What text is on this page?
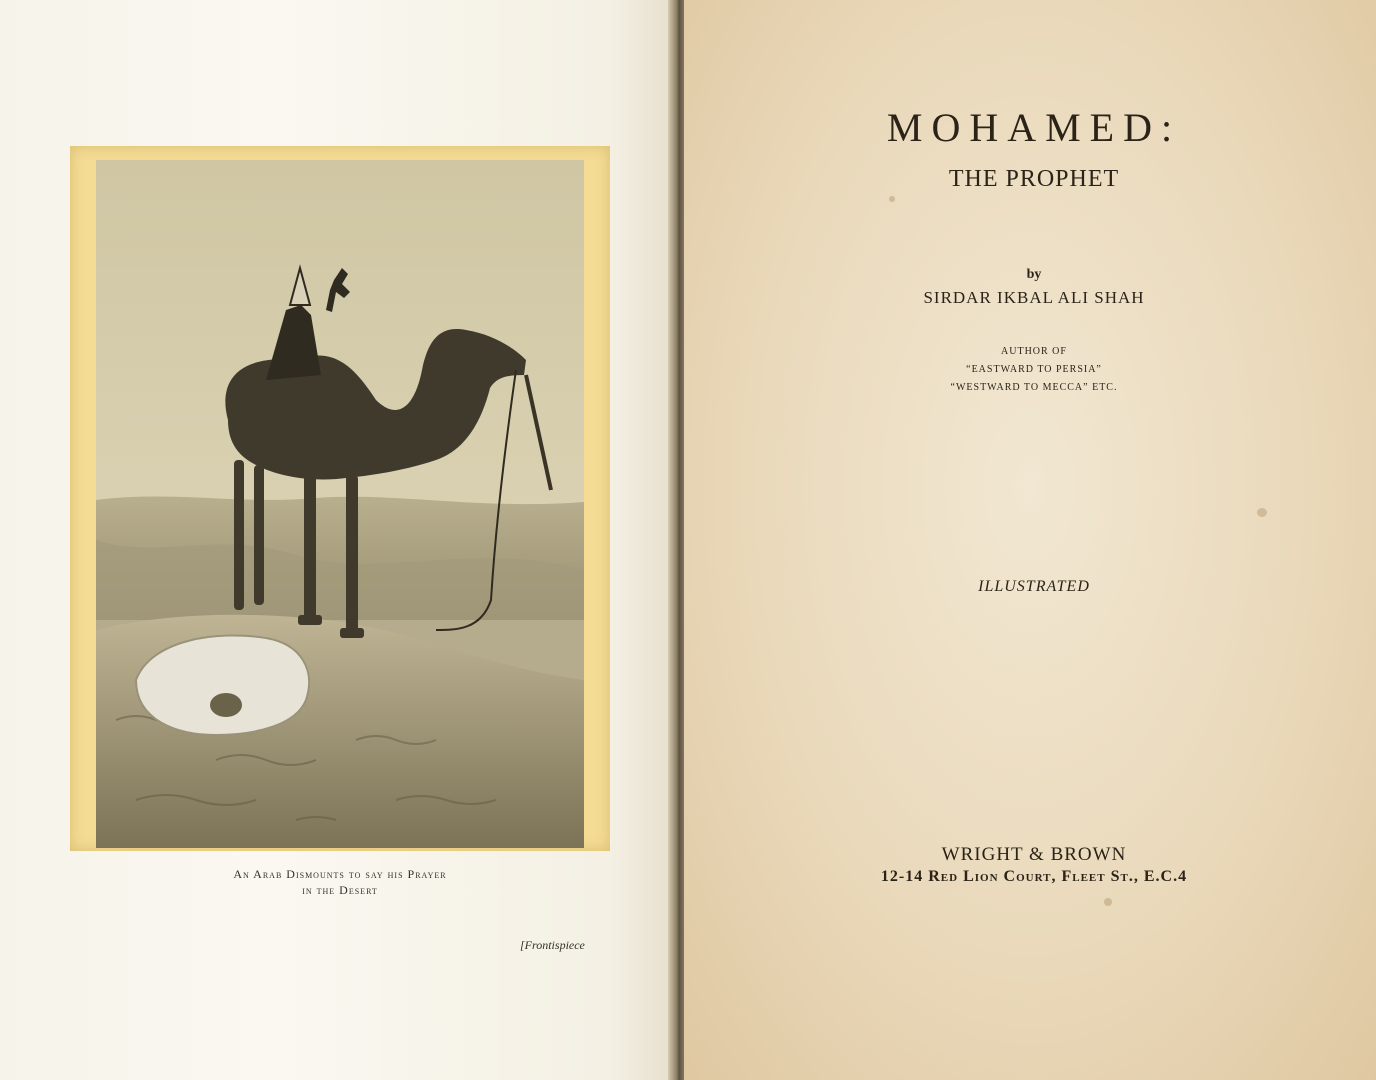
An Arab Dismounts to say his Prayer
in the Desert
[Frontispiece
MOHAMED:
THE PROPHET
by
SIRDAR IKBAL ALI SHAH
AUTHOR OF
“EASTWARD TO PERSIA”
“WESTWARD TO MECCA” ETC.
ILLUSTRATED
WRIGHT & BROWN
12-14 Red Lion Court, Fleet St., E.C.4
